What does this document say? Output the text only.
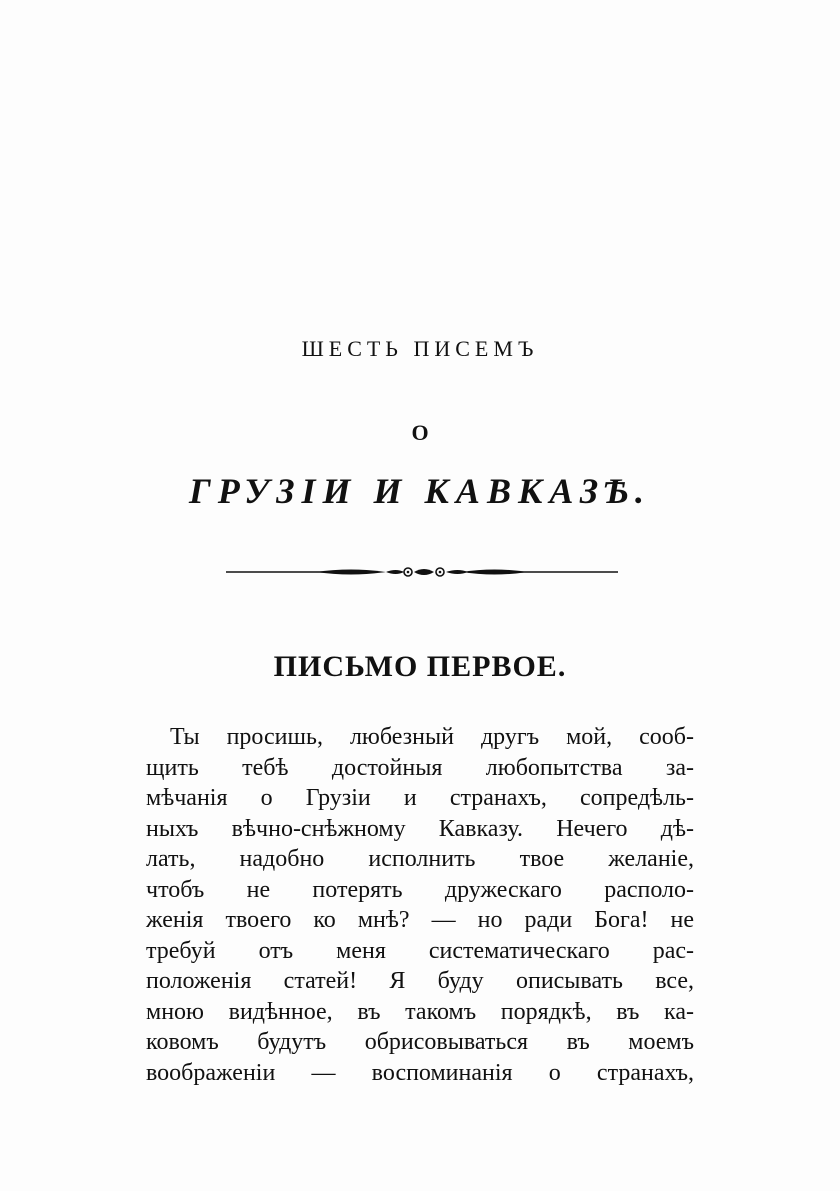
ШЕСТЬ ПИСЕМЪ
О
ГРУЗІИ И КАВКАЗѢ.
ПИСЬМО ПЕРВОЕ.
Ты просишь, любезный другъ мой, сооб-
щить тебѣ достойныя любопытства за-
мѣчанія о Грузіи и странахъ, сопредѣль-
ныхъ вѣчно-снѣжному Кавказу. Нечего дѣ-
лать, надобно исполнить твое желаніе,
чтобъ не потерять дружескаго располо-
женія твоего ко мнѣ? — но ради Бога! не
требуй отъ меня систематическаго рас-
положенія статей! Я буду описывать все,
мною видѣнное, въ такомъ порядкѣ, въ ка-
ковомъ будутъ обрисовываться въ моемъ
воображеніи — воспоминанія о странахъ,
